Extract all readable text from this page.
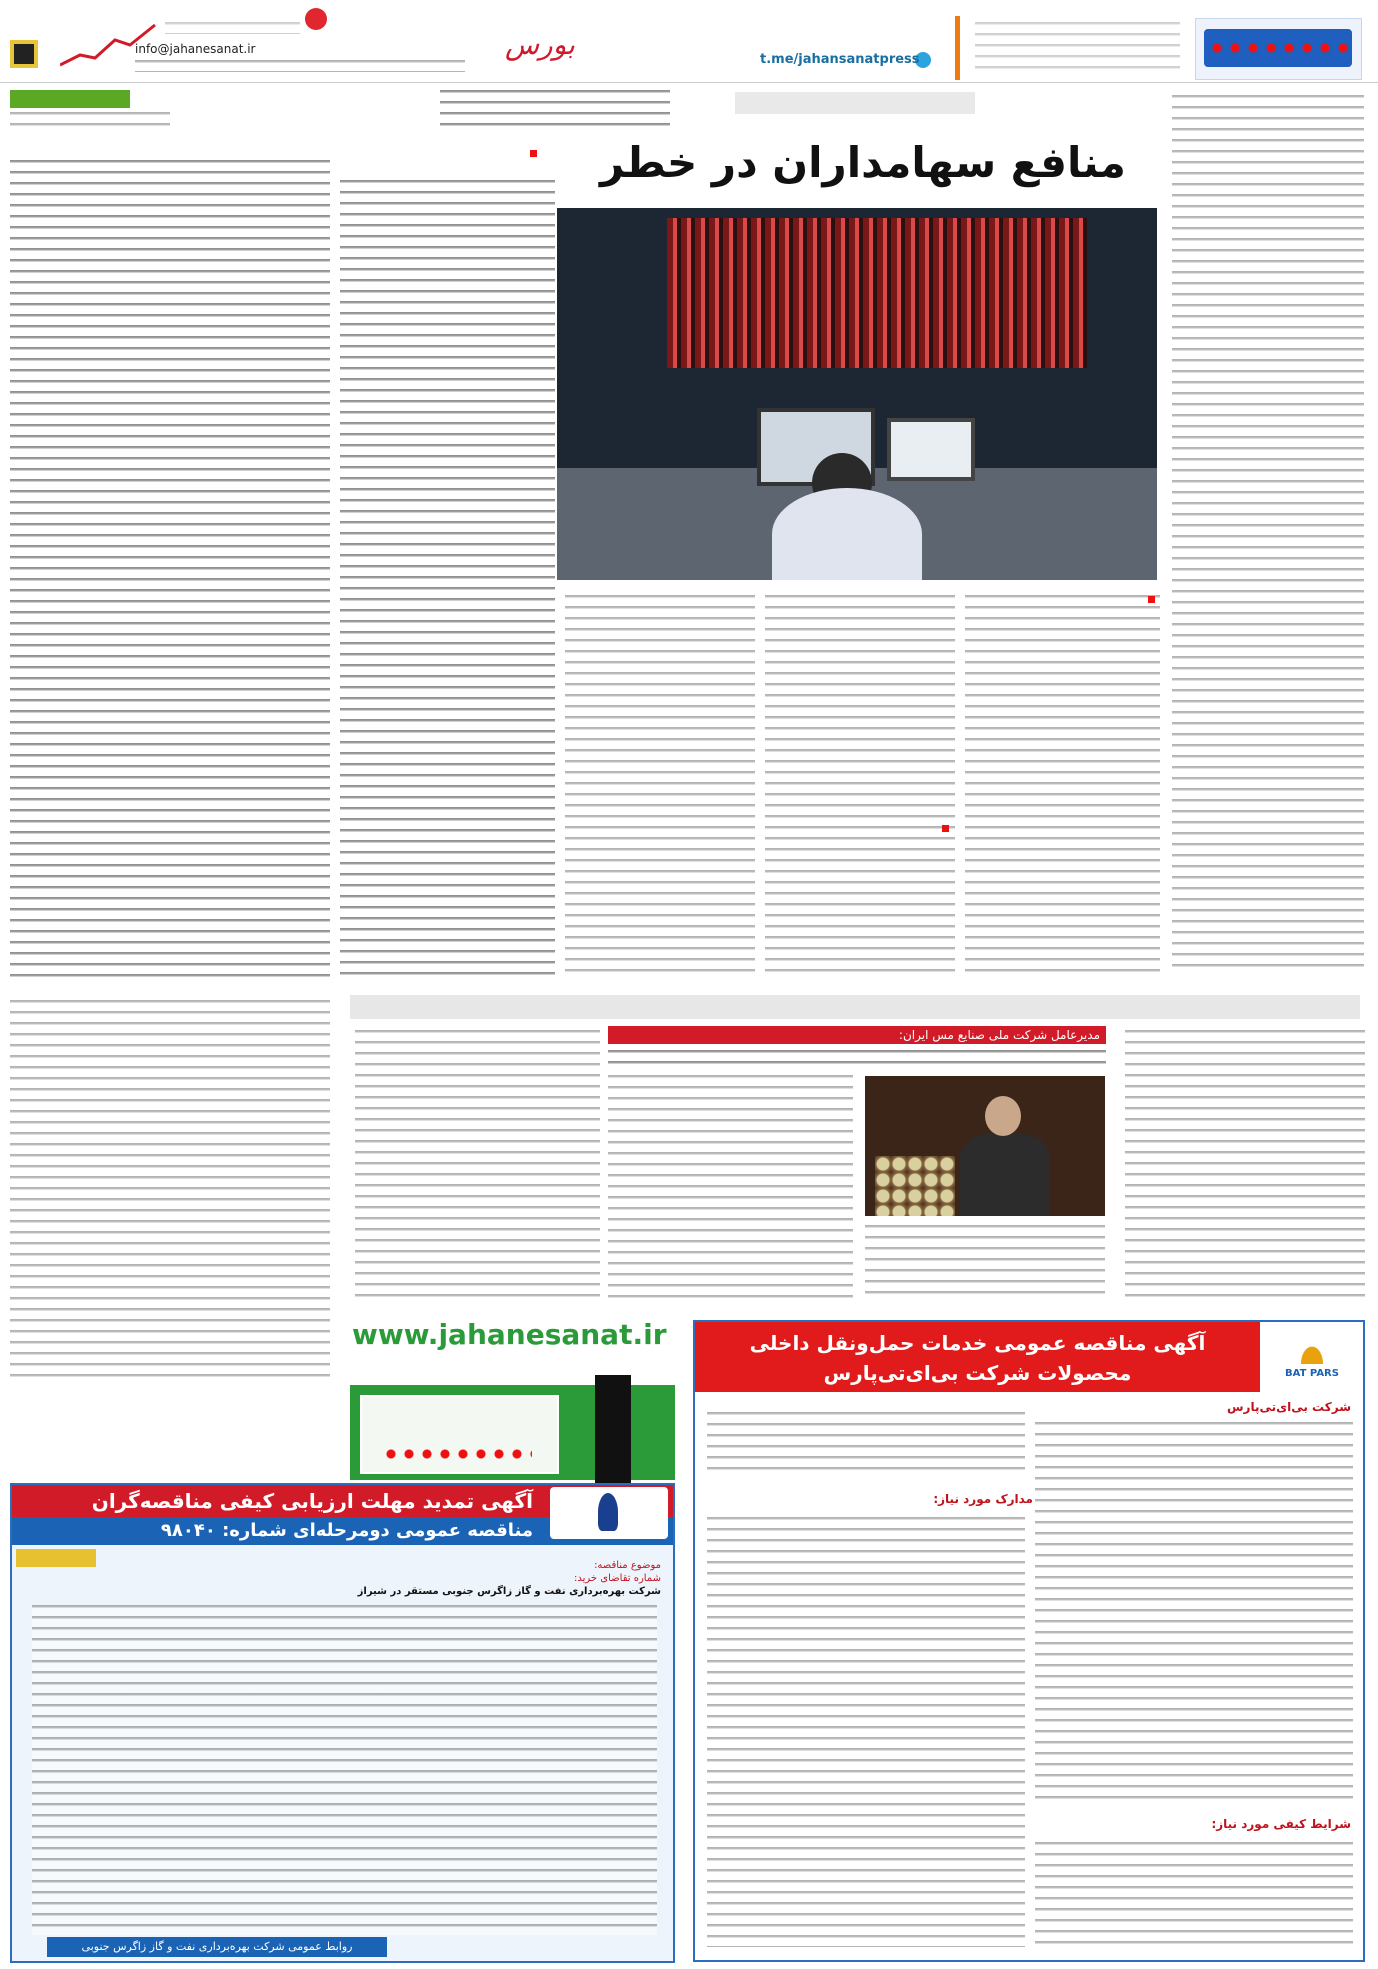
t.me/jahansanatpress
بورس
info@jahanesanat.ir
منافع سهامداران در خطر
مدیرعامل شرکت ملی صنایع مس ایران:
www.jahanesanat.ir
آگهی تمدید مهلت ارزیابی کیفی مناقصه‌گران
مناقصه عمومی دومرحله‌ای شماره: ۹۸۰۴۰
موضوع مناقصه:
شماره تقاضای خرید:
شرکت بهره‌برداری نفت و گاز زاگرس جنوبی مستقر در شیراز
روابط عمومی شرکت بهره‌برداری نفت و گاز زاگرس جنوبی
آگهی مناقصه عمومی خدمات حمل‌ونقل داخلی
محصولات شرکت بی‌ای‌تی‌پارس	BAT PARS
شرکت بی‌ای‌تی‌پارس
مدارک مورد نیاز:
شرایط کیفی مورد نیاز:
